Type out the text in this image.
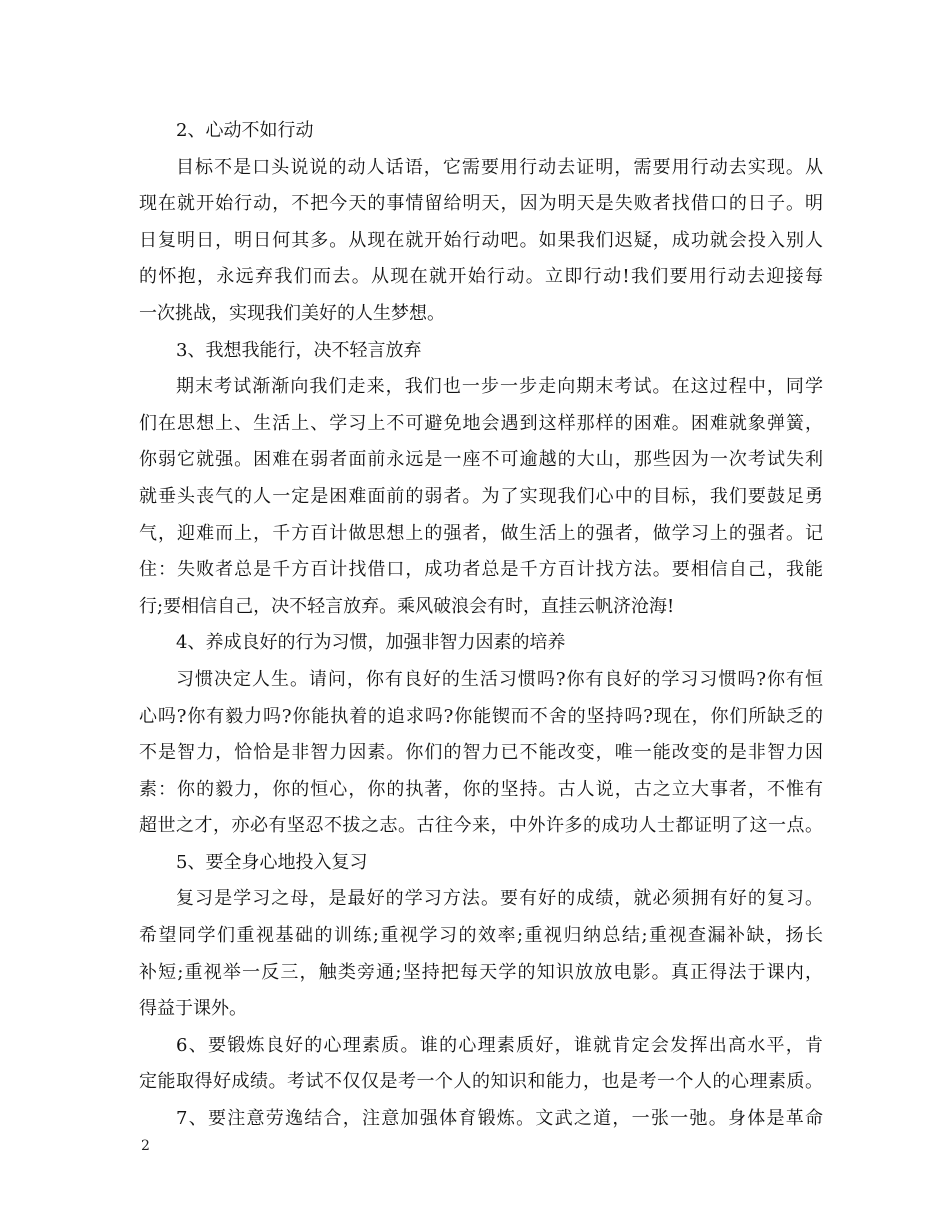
2、心动不如行动
目标不是口头说说的动人话语，它需要用行动去证明，需要用行动去实现。从
现在就开始行动，不把今天的事情留给明天，因为明天是失败者找借口的日子。明
日复明日，明日何其多。从现在就开始行动吧。如果我们迟疑，成功就会投入别人
的怀抱，永远弃我们而去。从现在就开始行动。立即行动!我们要用行动去迎接每
一次挑战，实现我们美好的人生梦想。
3、我想我能行，决不轻言放弃
期末考试渐渐向我们走来，我们也一步一步走向期末考试。在这过程中，同学
们在思想上、生活上、学习上不可避免地会遇到这样那样的困难。困难就象弹簧，
你弱它就强。困难在弱者面前永远是一座不可逾越的大山，那些因为一次考试失利
就垂头丧气的人一定是困难面前的弱者。为了实现我们心中的目标，我们要鼓足勇
气，迎难而上，千方百计做思想上的强者，做生活上的强者，做学习上的强者。记
住：失败者总是千方百计找借口，成功者总是千方百计找方法。要相信自己，我能
行;要相信自己，决不轻言放弃。乘风破浪会有时，直挂云帆济沧海!
4、养成良好的行为习惯，加强非智力因素的培养
习惯决定人生。请问，你有良好的生活习惯吗?你有良好的学习习惯吗?你有恒
心吗?你有毅力吗?你能执着的追求吗?你能锲而不舍的坚持吗?现在，你们所缺乏的
不是智力，恰恰是非智力因素。你们的智力已不能改变，唯一能改变的是非智力因
素：你的毅力，你的恒心，你的执著，你的坚持。古人说，古之立大事者，不惟有
超世之才，亦必有坚忍不拔之志。古往今来，中外许多的成功人士都证明了这一点。
5、要全身心地投入复习
复习是学习之母，是最好的学习方法。要有好的成绩，就必须拥有好的复习。
希望同学们重视基础的训练;重视学习的效率;重视归纳总结;重视查漏补缺，扬长
补短;重视举一反三，触类旁通;坚持把每天学的知识放放电影。真正得法于课内，
得益于课外。
6、要锻炼良好的心理素质。谁的心理素质好，谁就肯定会发挥出高水平，肯
定能取得好成绩。考试不仅仅是考一个人的知识和能力，也是考一个人的心理素质。
7、要注意劳逸结合，注意加强体育锻炼。文武之道，一张一弛。身体是革命
2
